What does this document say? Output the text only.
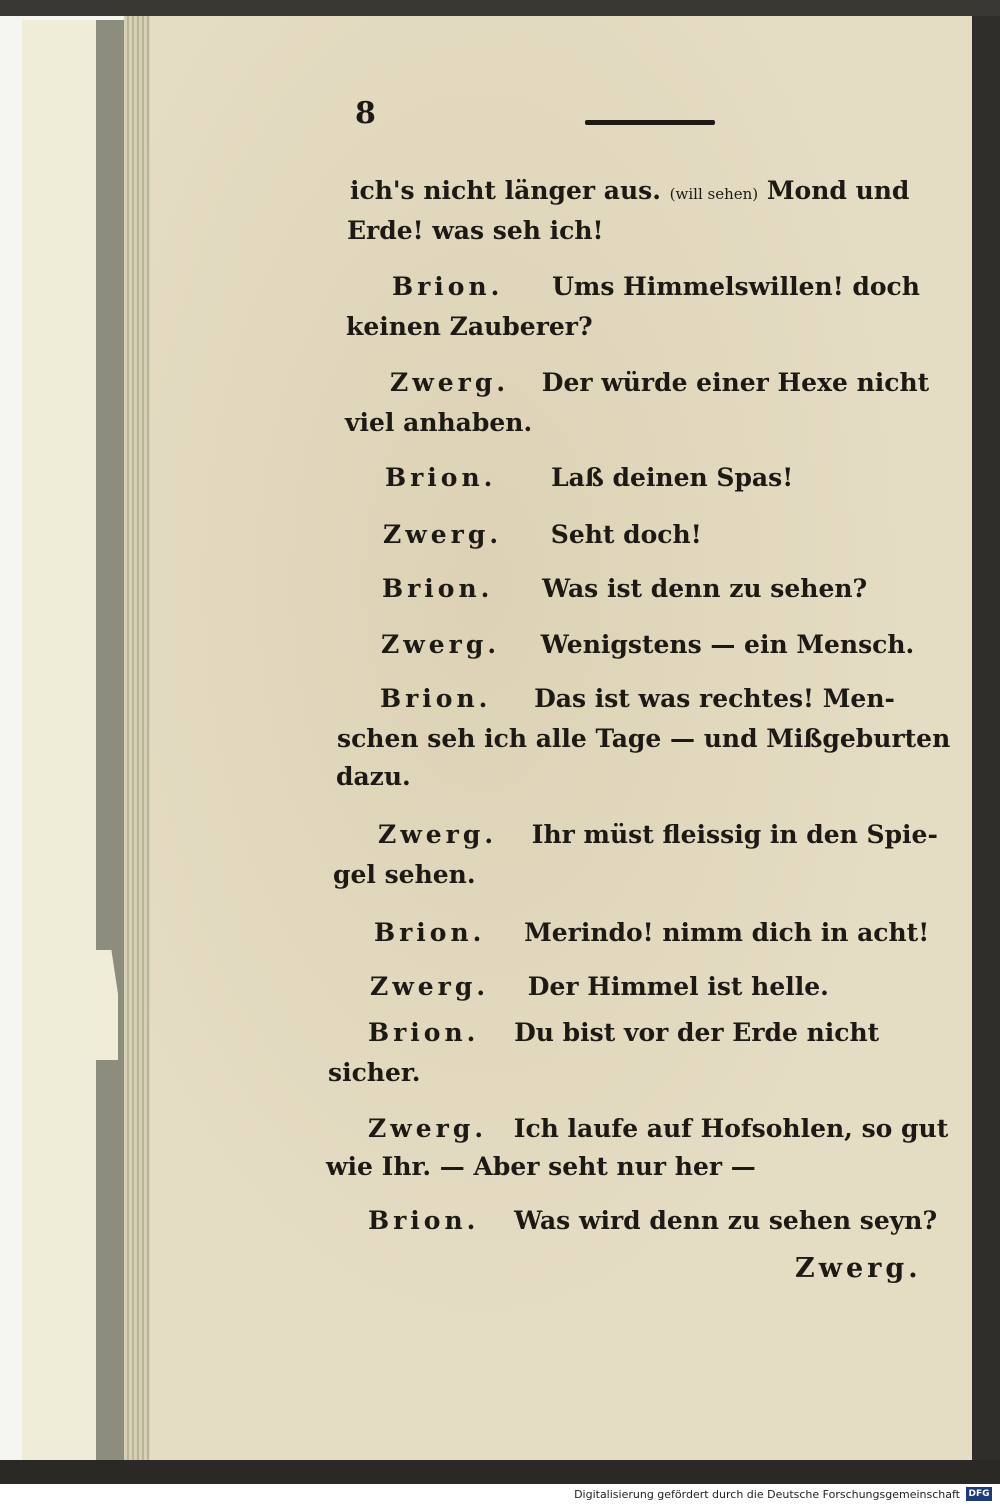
8
ich's nicht länger aus. (will sehen) Mond und
Erde! was seh ich!
Brion. Ums Himmelswillen! doch
keinen Zauberer?
Zwerg. Der würde einer Hexe nicht
viel anhaben.
Brion. Laß deinen Spas!
Zwerg. Seht doch!
Brion. Was ist denn zu sehen?
Zwerg. Wenigstens — ein Mensch.
Brion. Das ist was rechtes! Men-
schen seh ich alle Tage — und Mißgeburten
dazu.
Zwerg. Ihr müst fleissig in den Spie-
gel sehen.
Brion. Merindo! nimm dich in acht!
Zwerg. Der Himmel ist helle.
Brion. Du bist vor der Erde nicht
sicher.
Zwerg. Ich laufe auf Hofsohlen, so gut
wie Ihr. — Aber seht nur her —
Brion. Was wird denn zu sehen seyn?
Zwerg.
Digitalisierung gefördert durch die Deutsche Forschungsgemeinschaft DFG
